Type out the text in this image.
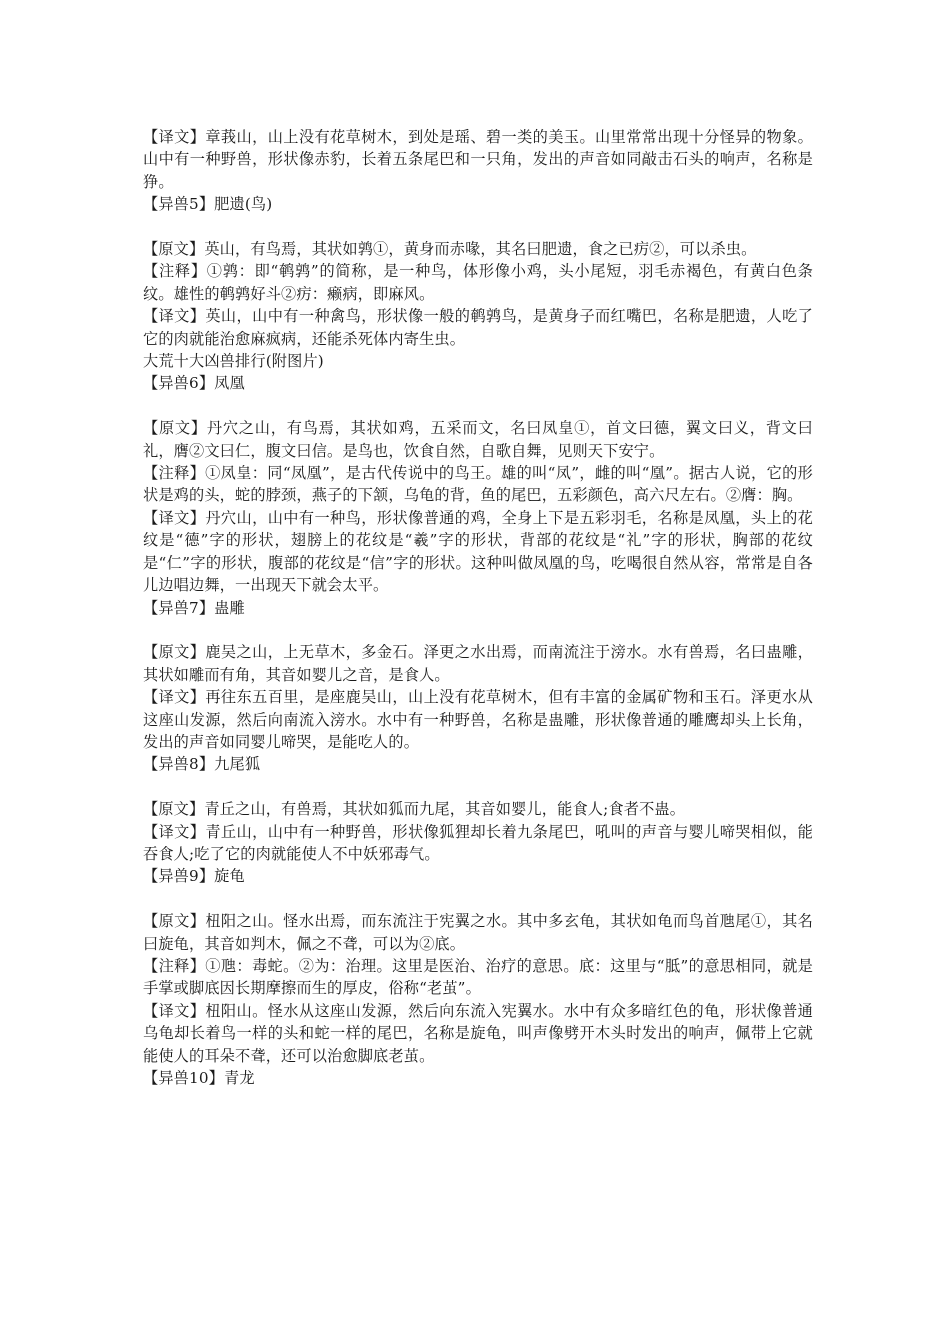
【译文】章莪山，山上没有花草树木，到处是瑶、碧一类的美玉。山里常常出现十分怪异的物象。山中有一种野兽，形状像赤豹，长着五条尾巴和一只角，发出的声音如同敲击石头的响声，名称是狰。

【异兽5】肥遗(鸟)

【原文】英山，有鸟焉，其状如鹑①，黄身而赤喙，其名曰肥遗，食之已疠②，可以杀虫。

【注释】①鹑：即“鹌鹑”的简称，是一种鸟，体形像小鸡，头小尾短，羽毛赤褐色，有黄白色条纹。雄性的鹌鹑好斗②疠：癞病，即麻风。

【译文】英山，山中有一种禽鸟，形状像一般的鹌鹑鸟，是黄身子而红嘴巴，名称是肥遗，人吃了它的肉就能治愈麻疯病，还能杀死体内寄生虫。

大荒十大凶兽排行(附图片)

【异兽6】凤凰

【原文】丹穴之山，有鸟焉，其状如鸡，五采而文，名曰凤皇①，首文曰德，翼文曰义，背文曰礼，膺②文曰仁，腹文曰信。是鸟也，饮食自然，自歌自舞，见则天下安宁。

【注释】①凤皇：同“凤凰”，是古代传说中的鸟王。雄的叫“凤”，雌的叫“凰”。据古人说，它的形状是鸡的头，蛇的脖颈，燕子的下颔，乌龟的背，鱼的尾巴，五彩颜色，高六尺左右。②膺：胸。

【译文】丹穴山，山中有一种鸟，形状像普通的鸡，全身上下是五彩羽毛，名称是凤凰，头上的花纹是“德”字的形状，翅膀上的花纹是“羲”字的形状，背部的花纹是“礼”字的形状，胸部的花纹是“仁”字的形状，腹部的花纹是“信”字的形状。这种叫做凤凰的鸟，吃喝很自然从容，常常是自各儿边唱边舞，一出现天下就会太平。

【异兽7】蛊雕

【原文】鹿吴之山，上无草木，多金石。泽更之水出焉，而南流注于滂水。水有兽焉，名曰蛊雕，其状如雕而有角，其音如婴儿之音，是食人。

【译文】再往东五百里，是座鹿吴山，山上没有花草树木，但有丰富的金属矿物和玉石。泽更水从这座山发源，然后向南流入滂水。水中有一种野兽，名称是蛊雕，形状像普通的雕鹰却头上长角，发出的声音如同婴儿啼哭，是能吃人的。

【异兽8】九尾狐

【原文】青丘之山，有兽焉，其状如狐而九尾，其音如婴儿，能食人;食者不蛊。

【译文】青丘山，山中有一种野兽，形状像狐狸却长着九条尾巴，吼叫的声音与婴儿啼哭相似，能吞食人;吃了它的肉就能使人不中妖邪毒气。

【异兽9】旋龟

【原文】杻阳之山。怪水出焉，而东流注于宪翼之水。其中多玄龟，其状如龟而鸟首虺尾①，其名曰旋龟，其音如判木，佩之不聋，可以为②底。

【注释】①虺：毒蛇。②为：治理。这里是医治、治疗的意思。底：这里与“胝”的意思相同，就是手掌或脚底因长期摩擦而生的厚皮，俗称“老茧”。

【译文】杻阳山。怪水从这座山发源，然后向东流入宪翼水。水中有众多暗红色的龟，形状像普通乌龟却长着鸟一样的头和蛇一样的尾巴，名称是旋龟，叫声像劈开木头时发出的响声，佩带上它就能使人的耳朵不聋，还可以治愈脚底老茧。

【异兽10】青龙
